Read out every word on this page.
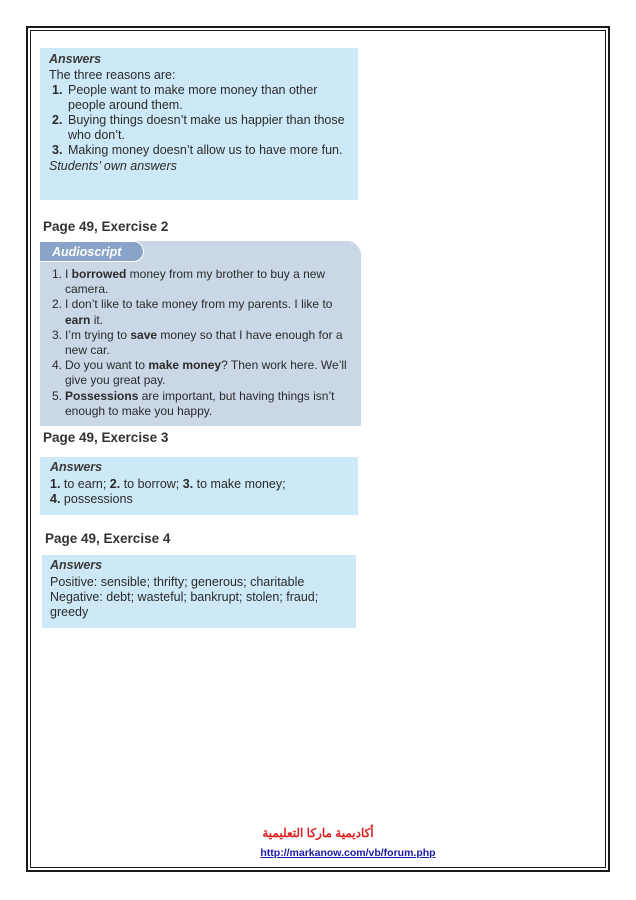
Answers
The three reasons are:
1. People want to make more money than other people around them.
2. Buying things doesn’t make us happier than those who don’t.
3. Making money doesn’t allow us to have more fun.
Students’ own answers
Page 49, Exercise 2
Audioscript
1. I borrowed money from my brother to buy a new camera.
2. I don’t like to take money from my parents. I like to earn it.
3. I’m trying to save money so that I have enough for a new car.
4. Do you want to make money? Then work here. We’ll give you great pay.
5. Possessions are important, but having things isn’t enough to make you happy.
Page 49, Exercise 3
Answers
1. to earn; 2. to borrow; 3. to make money;
4. possessions
Page 49, Exercise 4
Answers
Positive: sensible; thrifty; generous; charitable
Negative: debt; wasteful; bankrupt; stolen; fraud; greedy
أكاديمية ماركا التعليمية
http://markanow.com/vb/forum.php
